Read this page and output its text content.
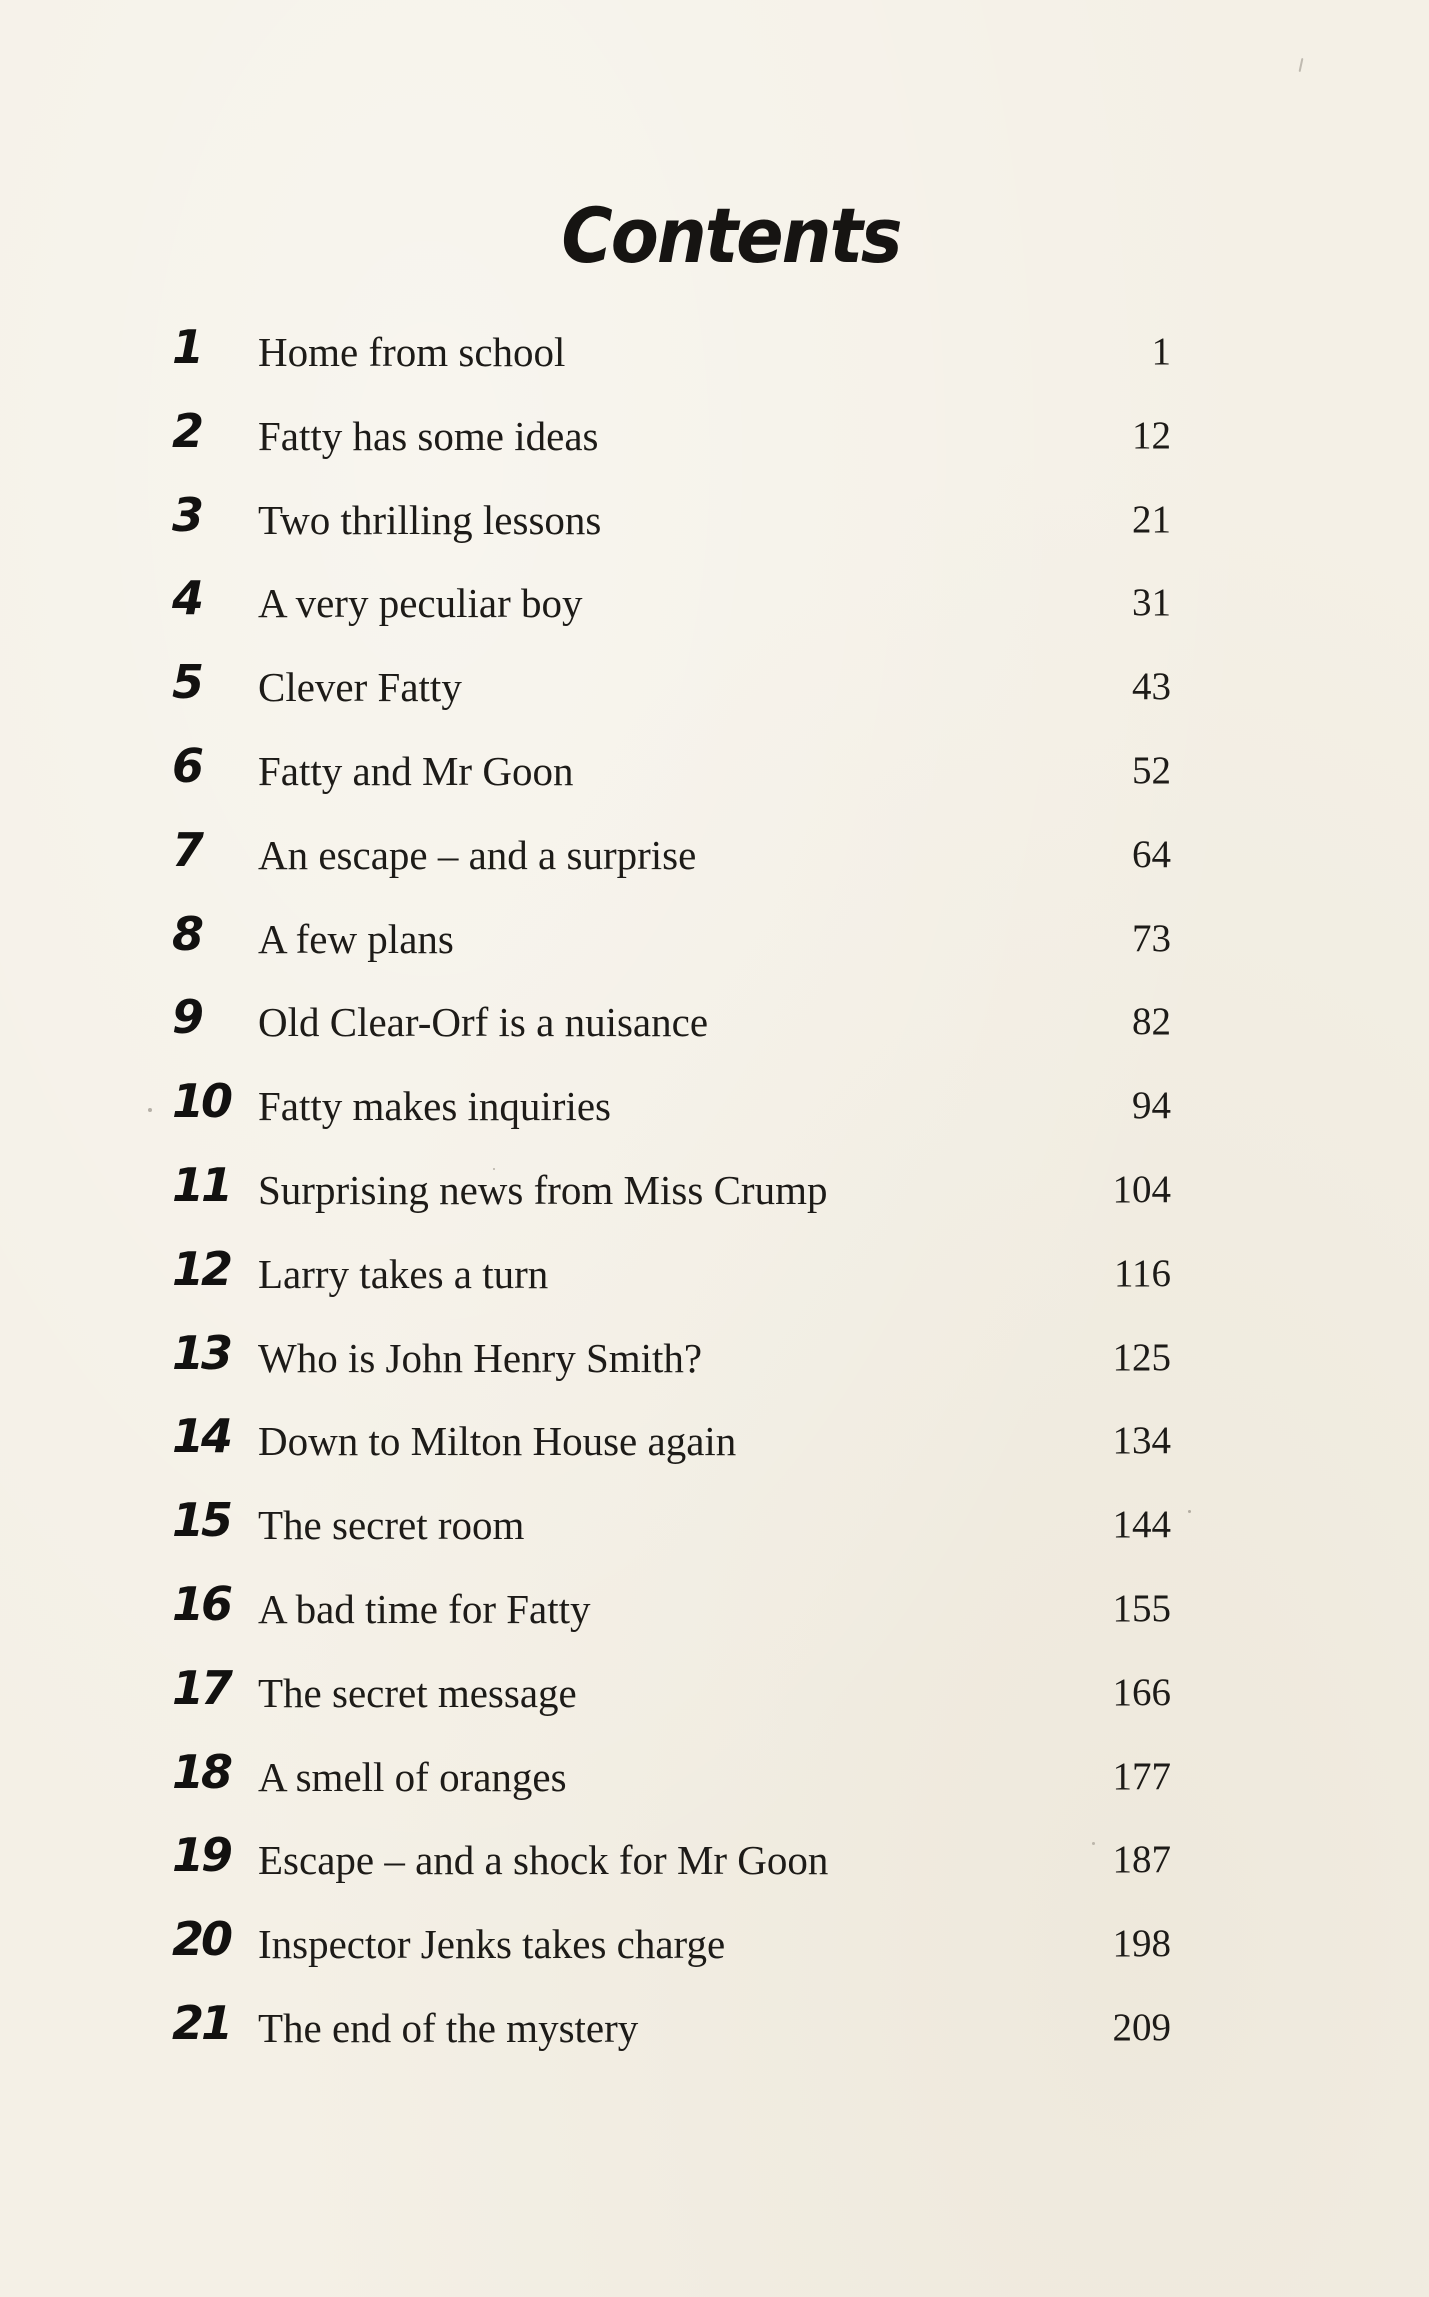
Contents
1	Home from school	1
2	Fatty has some ideas	12
3	Two thrilling lessons	21
4	A very peculiar boy	31
5	Clever Fatty	43
6	Fatty and Mr Goon	52
7	An escape – and a surprise	64
8	A few plans	73
9	Old Clear-Orf is a nuisance	82
10 Fatty makes inquiries	94
11 Surprising news from Miss Crump	104
12 Larry takes a turn	116
13 Who is John Henry Smith?	125
14 Down to Milton House again	134
15 The secret room	144
16 A bad time for Fatty	155
17 The secret message	166
18 A smell of oranges	177
19 Escape – and a shock for Mr Goon	187
20 Inspector Jenks takes charge	198
21 The end of the mystery	209
